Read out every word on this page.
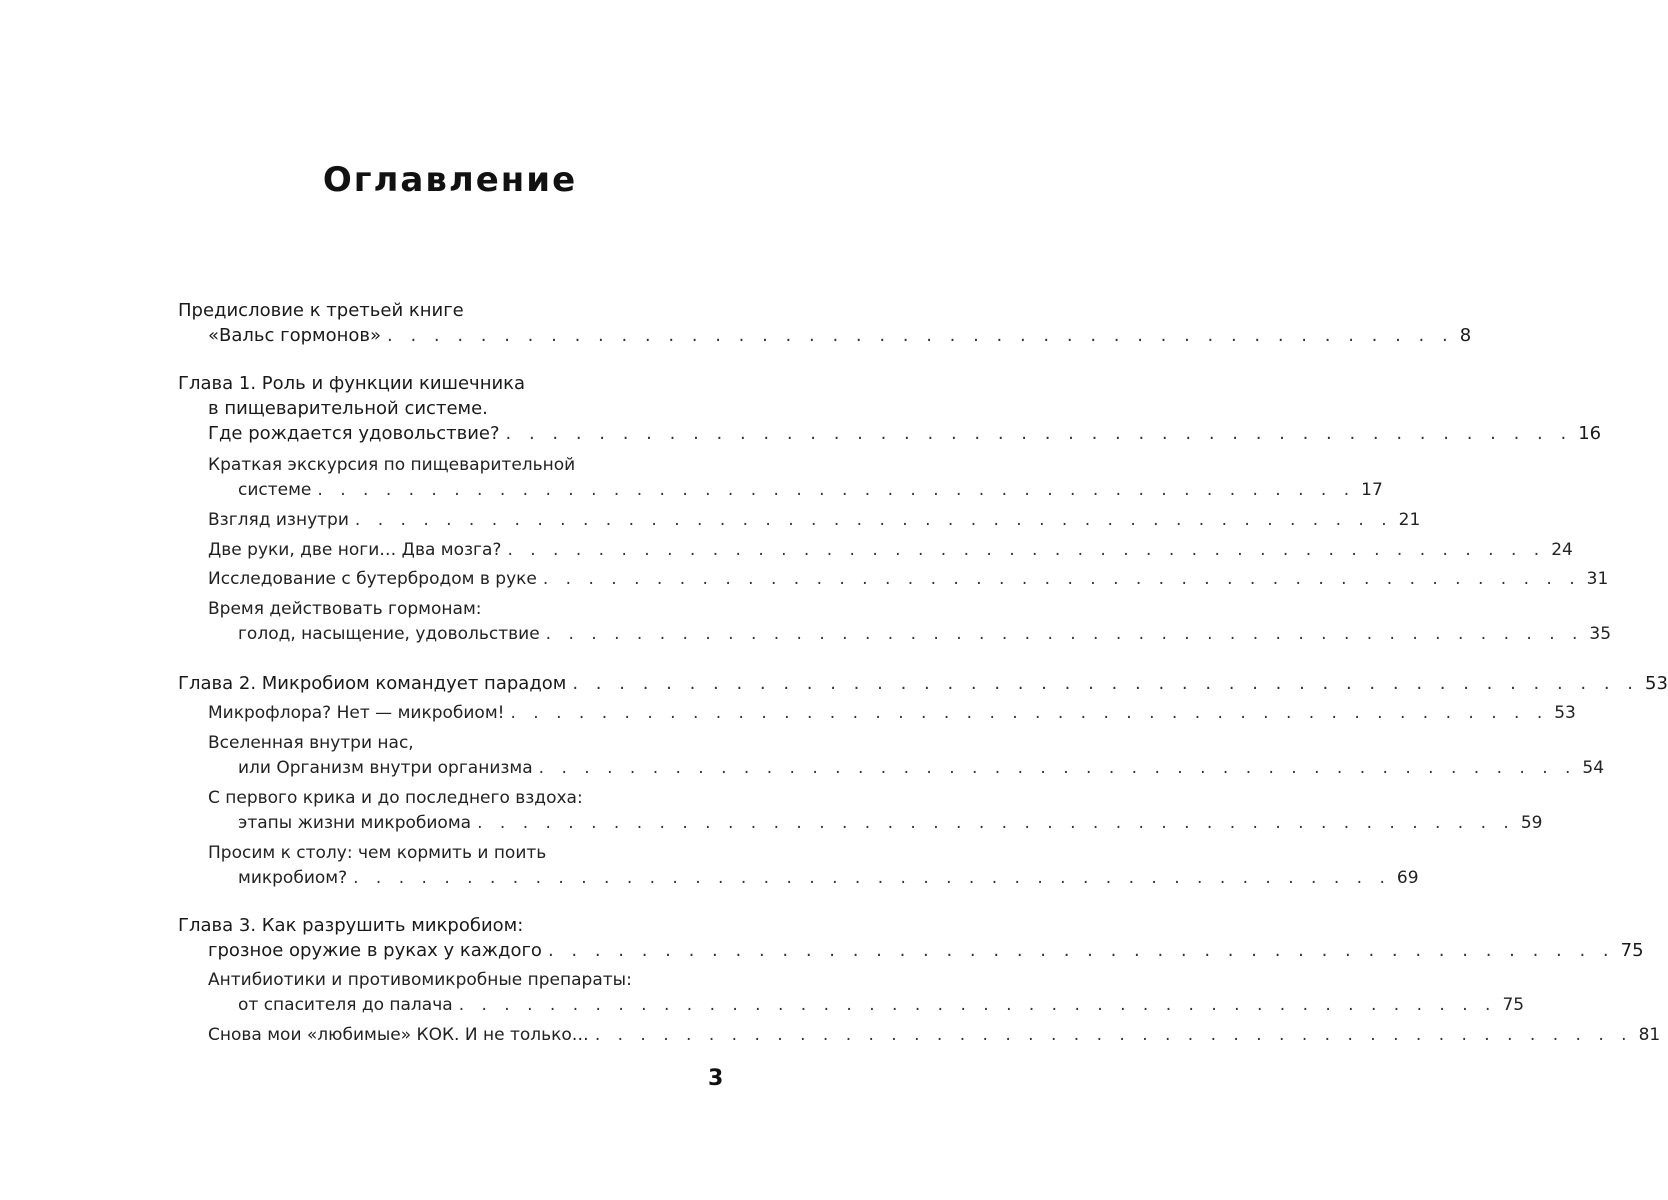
Оглавление
Предисловие к третьей книге
«Вальс гормонов» . . . . . . . . . . . . . . . . . . . . . . . . . . . . . . . . . . . . . . . . . . . . . . 8
Глава 1. Роль и функции кишечника
в пищеварительной системе.
Где рождается удовольствие? . . . . . . . . . . . . . . . . . . . . . . . . . . . . . . . . . . . . . . . . . . . . . . 16
Краткая экскурсия по пищеварительной
системе . . . . . . . . . . . . . . . . . . . . . . . . . . . . . . . . . . . . . . . . . . . . . . 17
Взгляд изнутри . . . . . . . . . . . . . . . . . . . . . . . . . . . . . . . . . . . . . . . . . . . . . . 21
Две руки, две ноги… Два мозга? . . . . . . . . . . . . . . . . . . . . . . . . . . . . . . . . . . . . . . . . . . . . . . 24
Исследование с бутербродом в руке . . . . . . . . . . . . . . . . . . . . . . . . . . . . . . . . . . . . . . . . . . . . . . 31
Время действовать гормонам:
голод, насыщение, удовольствие . . . . . . . . . . . . . . . . . . . . . . . . . . . . . . . . . . . . . . . . . . . . . . 35
Глава 2. Микробиом командует парадом . . . . . . . . . . . . . . . . . . . . . . . . . . . . . . . . . . . . . . . . . . . . . . 53
Микрофлора? Нет — микробиом! . . . . . . . . . . . . . . . . . . . . . . . . . . . . . . . . . . . . . . . . . . . . . . 53
Вселенная внутри нас,
или Организм внутри организма . . . . . . . . . . . . . . . . . . . . . . . . . . . . . . . . . . . . . . . . . . . . . . 54
С первого крика и до последнего вздоха:
этапы жизни микробиома . . . . . . . . . . . . . . . . . . . . . . . . . . . . . . . . . . . . . . . . . . . . . . 59
Просим к столу: чем кормить и поить
микробиом? . . . . . . . . . . . . . . . . . . . . . . . . . . . . . . . . . . . . . . . . . . . . . . 69
Глава 3. Как разрушить микробиом:
грозное оружие в руках у каждого . . . . . . . . . . . . . . . . . . . . . . . . . . . . . . . . . . . . . . . . . . . . . . 75
Антибиотики и противомикробные препараты:
от спасителя до палача . . . . . . . . . . . . . . . . . . . . . . . . . . . . . . . . . . . . . . . . . . . . . . 75
Снова мои «любимые» КОК. И не только… . . . . . . . . . . . . . . . . . . . . . . . . . . . . . . . . . . . . . . . . . . . . . . 81
3
